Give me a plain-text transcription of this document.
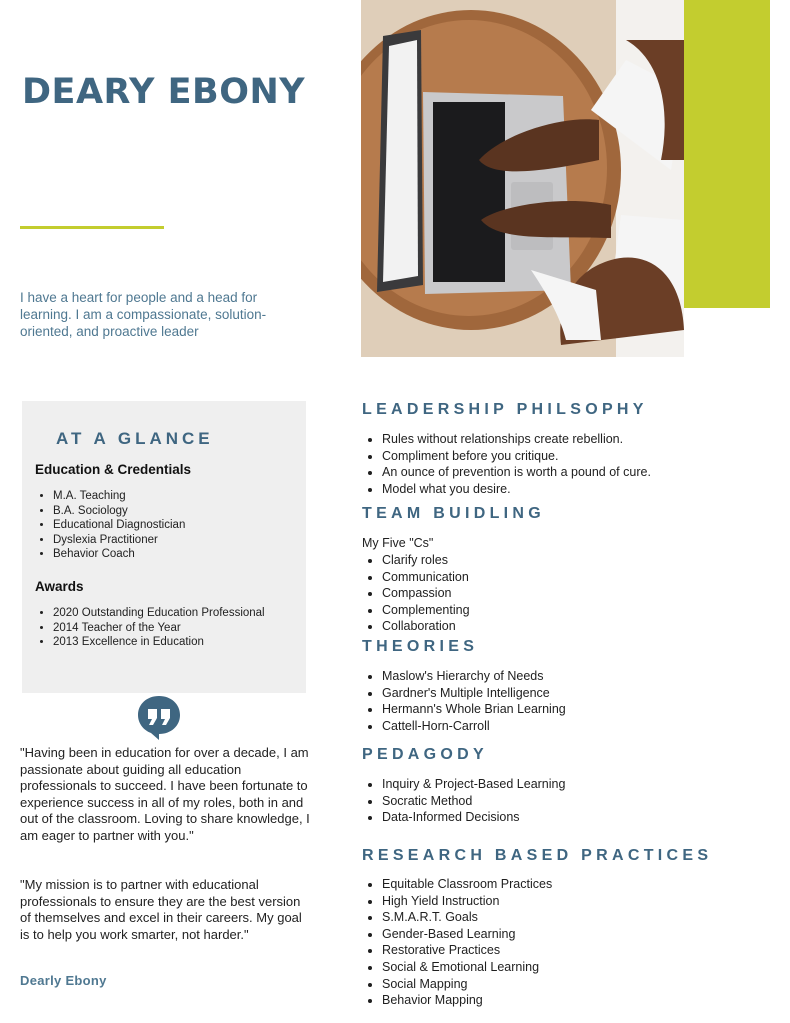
DEARY EBONY

I have a heart for people and a head for learning. I am a compassionate, solution-oriented, and proactive leader

AT A GLANCE
Education & Credentials
• M.A. Teaching
• B.A. Sociology
• Educational Diagnostician
• Dyslexia Practitioner
• Behavior Coach
Awards
• 2020 Outstanding Education Professional
• 2014 Teacher of the Year
• 2013 Excellence in Education

"Having been in education for over a decade, I am passionate about guiding all education professionals to succeed. I have been fortunate to experience success in all of my roles, both in and out of the classroom. Loving to share knowledge, I am eager to partner with you."

"My mission is to partner with educational professionals to ensure they are the best version of themselves and excel in their careers. My goal is to help you work smarter, not harder."

Dearly Ebony
LEADERSHIP PHILSOPHY
• Rules without relationships create rebellion.
• Compliment before you critique.
• An ounce of prevention is worth a pound of cure.
• Model what you desire.
TEAM BUIDLING
My Five "Cs"
• Clarify roles
• Communication
• Compassion
• Complementing
• Collaboration
THEORIES
• Maslow's Hierarchy of Needs
• Gardner's Multiple Intelligence
• Hermann's Whole Brian Learning
• Cattell-Horn-Carroll
PEDAGODY
• Inquiry & Project-Based Learning
• Socratic Method
• Data-Informed Decisions
RESEARCH BASED PRACTICES
• Equitable Classroom Practices
• High Yield Instruction
• S.M.A.R.T. Goals
• Gender-Based Learning
• Restorative Practices
• Social & Emotional Learning
• Social Mapping
• Behavior Mapping
